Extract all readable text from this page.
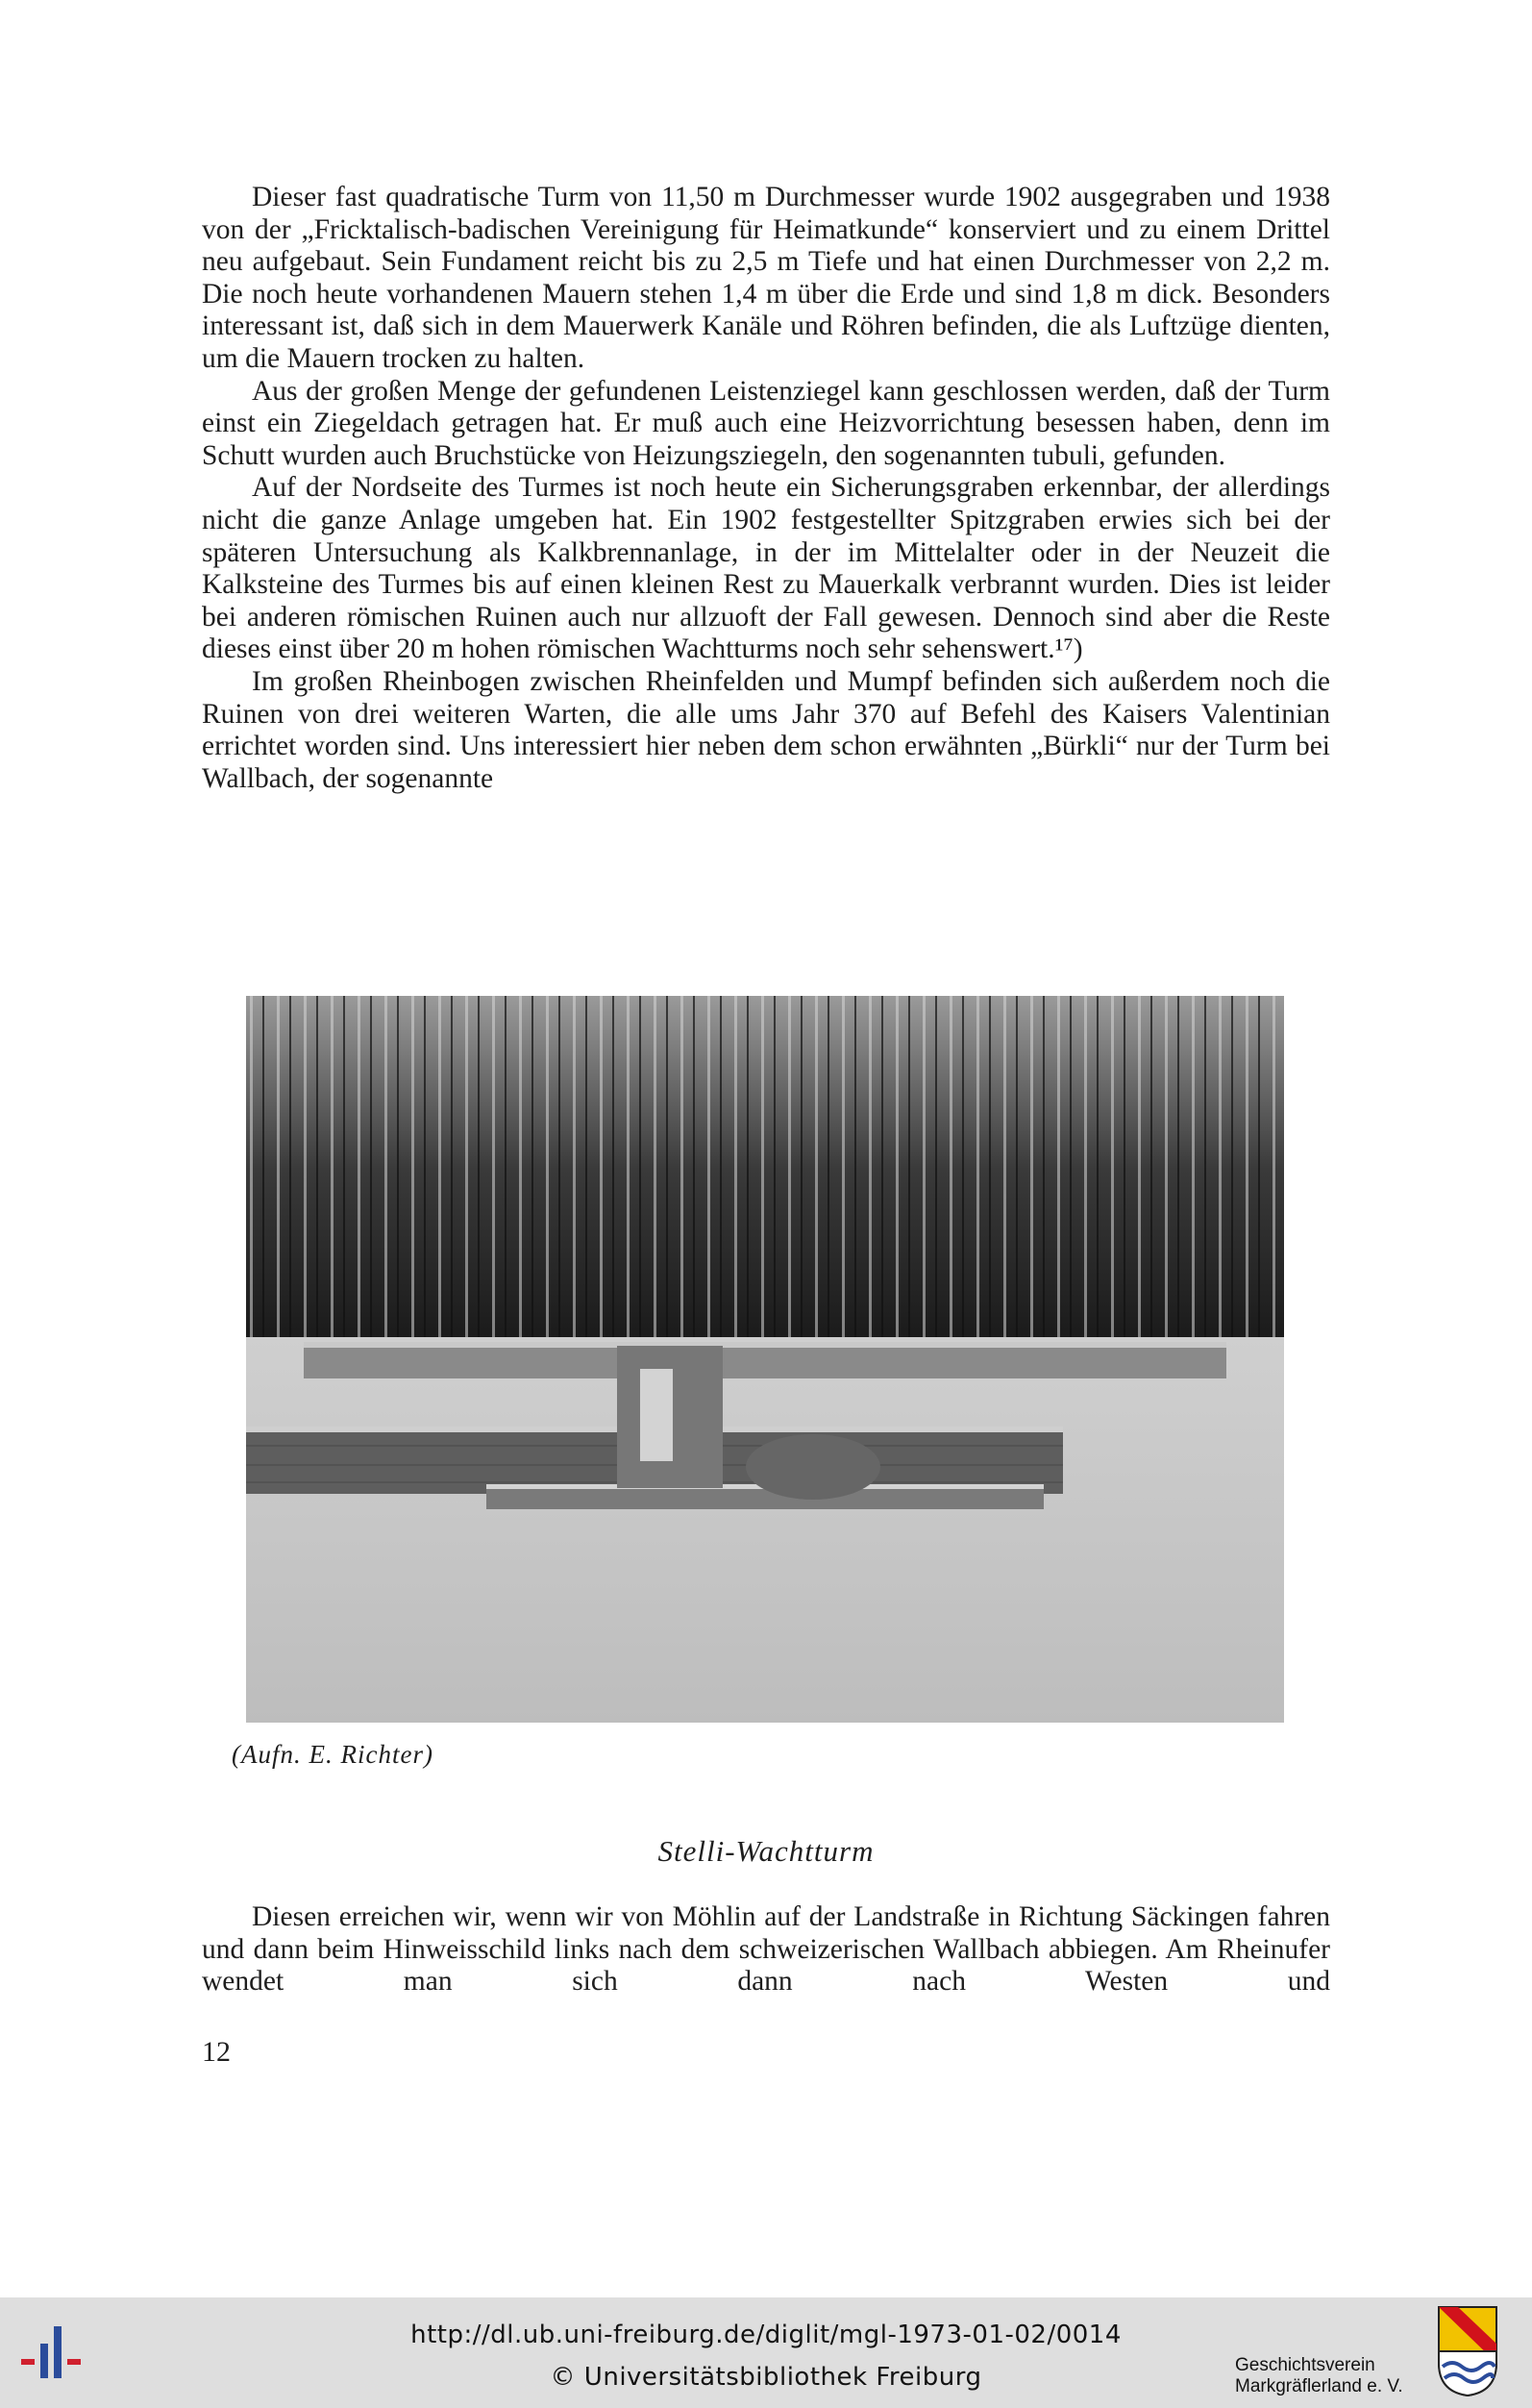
Dieser fast quadratische Turm von 11,50 m Durchmesser wurde 1902 ausgegraben und 1938 von der „Fricktalisch-badischen Vereinigung für Heimatkunde“ konserviert und zu einem Drittel neu aufgebaut. Sein Fundament reicht bis zu 2,5 m Tiefe und hat einen Durchmesser von 2,2 m. Die noch heute vorhandenen Mauern stehen 1,4 m über die Erde und sind 1,8 m dick. Besonders interessant ist, daß sich in dem Mauerwerk Kanäle und Röhren befinden, die als Luftzüge dienten, um die Mauern trocken zu halten.

Aus der großen Menge der gefundenen Leistenziegel kann geschlossen werden, daß der Turm einst ein Ziegeldach getragen hat. Er muß auch eine Heizvorrichtung besessen haben, denn im Schutt wurden auch Bruchstücke von Heizungsziegeln, den sogenannten tubuli, gefunden.

Auf der Nordseite des Turmes ist noch heute ein Sicherungsgraben erkennbar, der allerdings nicht die ganze Anlage umgeben hat. Ein 1902 festgestellter Spitzgraben erwies sich bei der späteren Untersuchung als Kalkbrennanlage, in der im Mittelalter oder in der Neuzeit die Kalksteine des Turmes bis auf einen kleinen Rest zu Mauerkalk verbrannt wurden. Dies ist leider bei anderen römischen Ruinen auch nur allzuoft der Fall gewesen. Dennoch sind aber die Reste dieses einst über 20 m hohen römischen Wachtturms noch sehr sehenswert.¹⁷)

Im großen Rheinbogen zwischen Rheinfelden und Mumpf befinden sich außerdem noch die Ruinen von drei weiteren Warten, die alle ums Jahr 370 auf Befehl des Kaisers Valentinian errichtet worden sind. Uns interessiert hier neben dem schon erwähnten „Bürkli“ nur der Turm bei Wallbach, der sogenannte

(Aufn. E. Richter)
Stelli-Wachtturm

Diesen erreichen wir, wenn wir von Möhlin auf der Landstraße in Richtung Säckingen fahren und dann beim Hinweisschild links nach dem schweizerischen Wallbach abbiegen. Am Rheinufer wendet man sich dann nach Westen und

12
http://dl.ub.uni-freiburg.de/diglit/mgl-1973-01-02/0014
© Universitätsbibliothek Freiburg	Geschichtsverein
Markgräflerland e. V.
